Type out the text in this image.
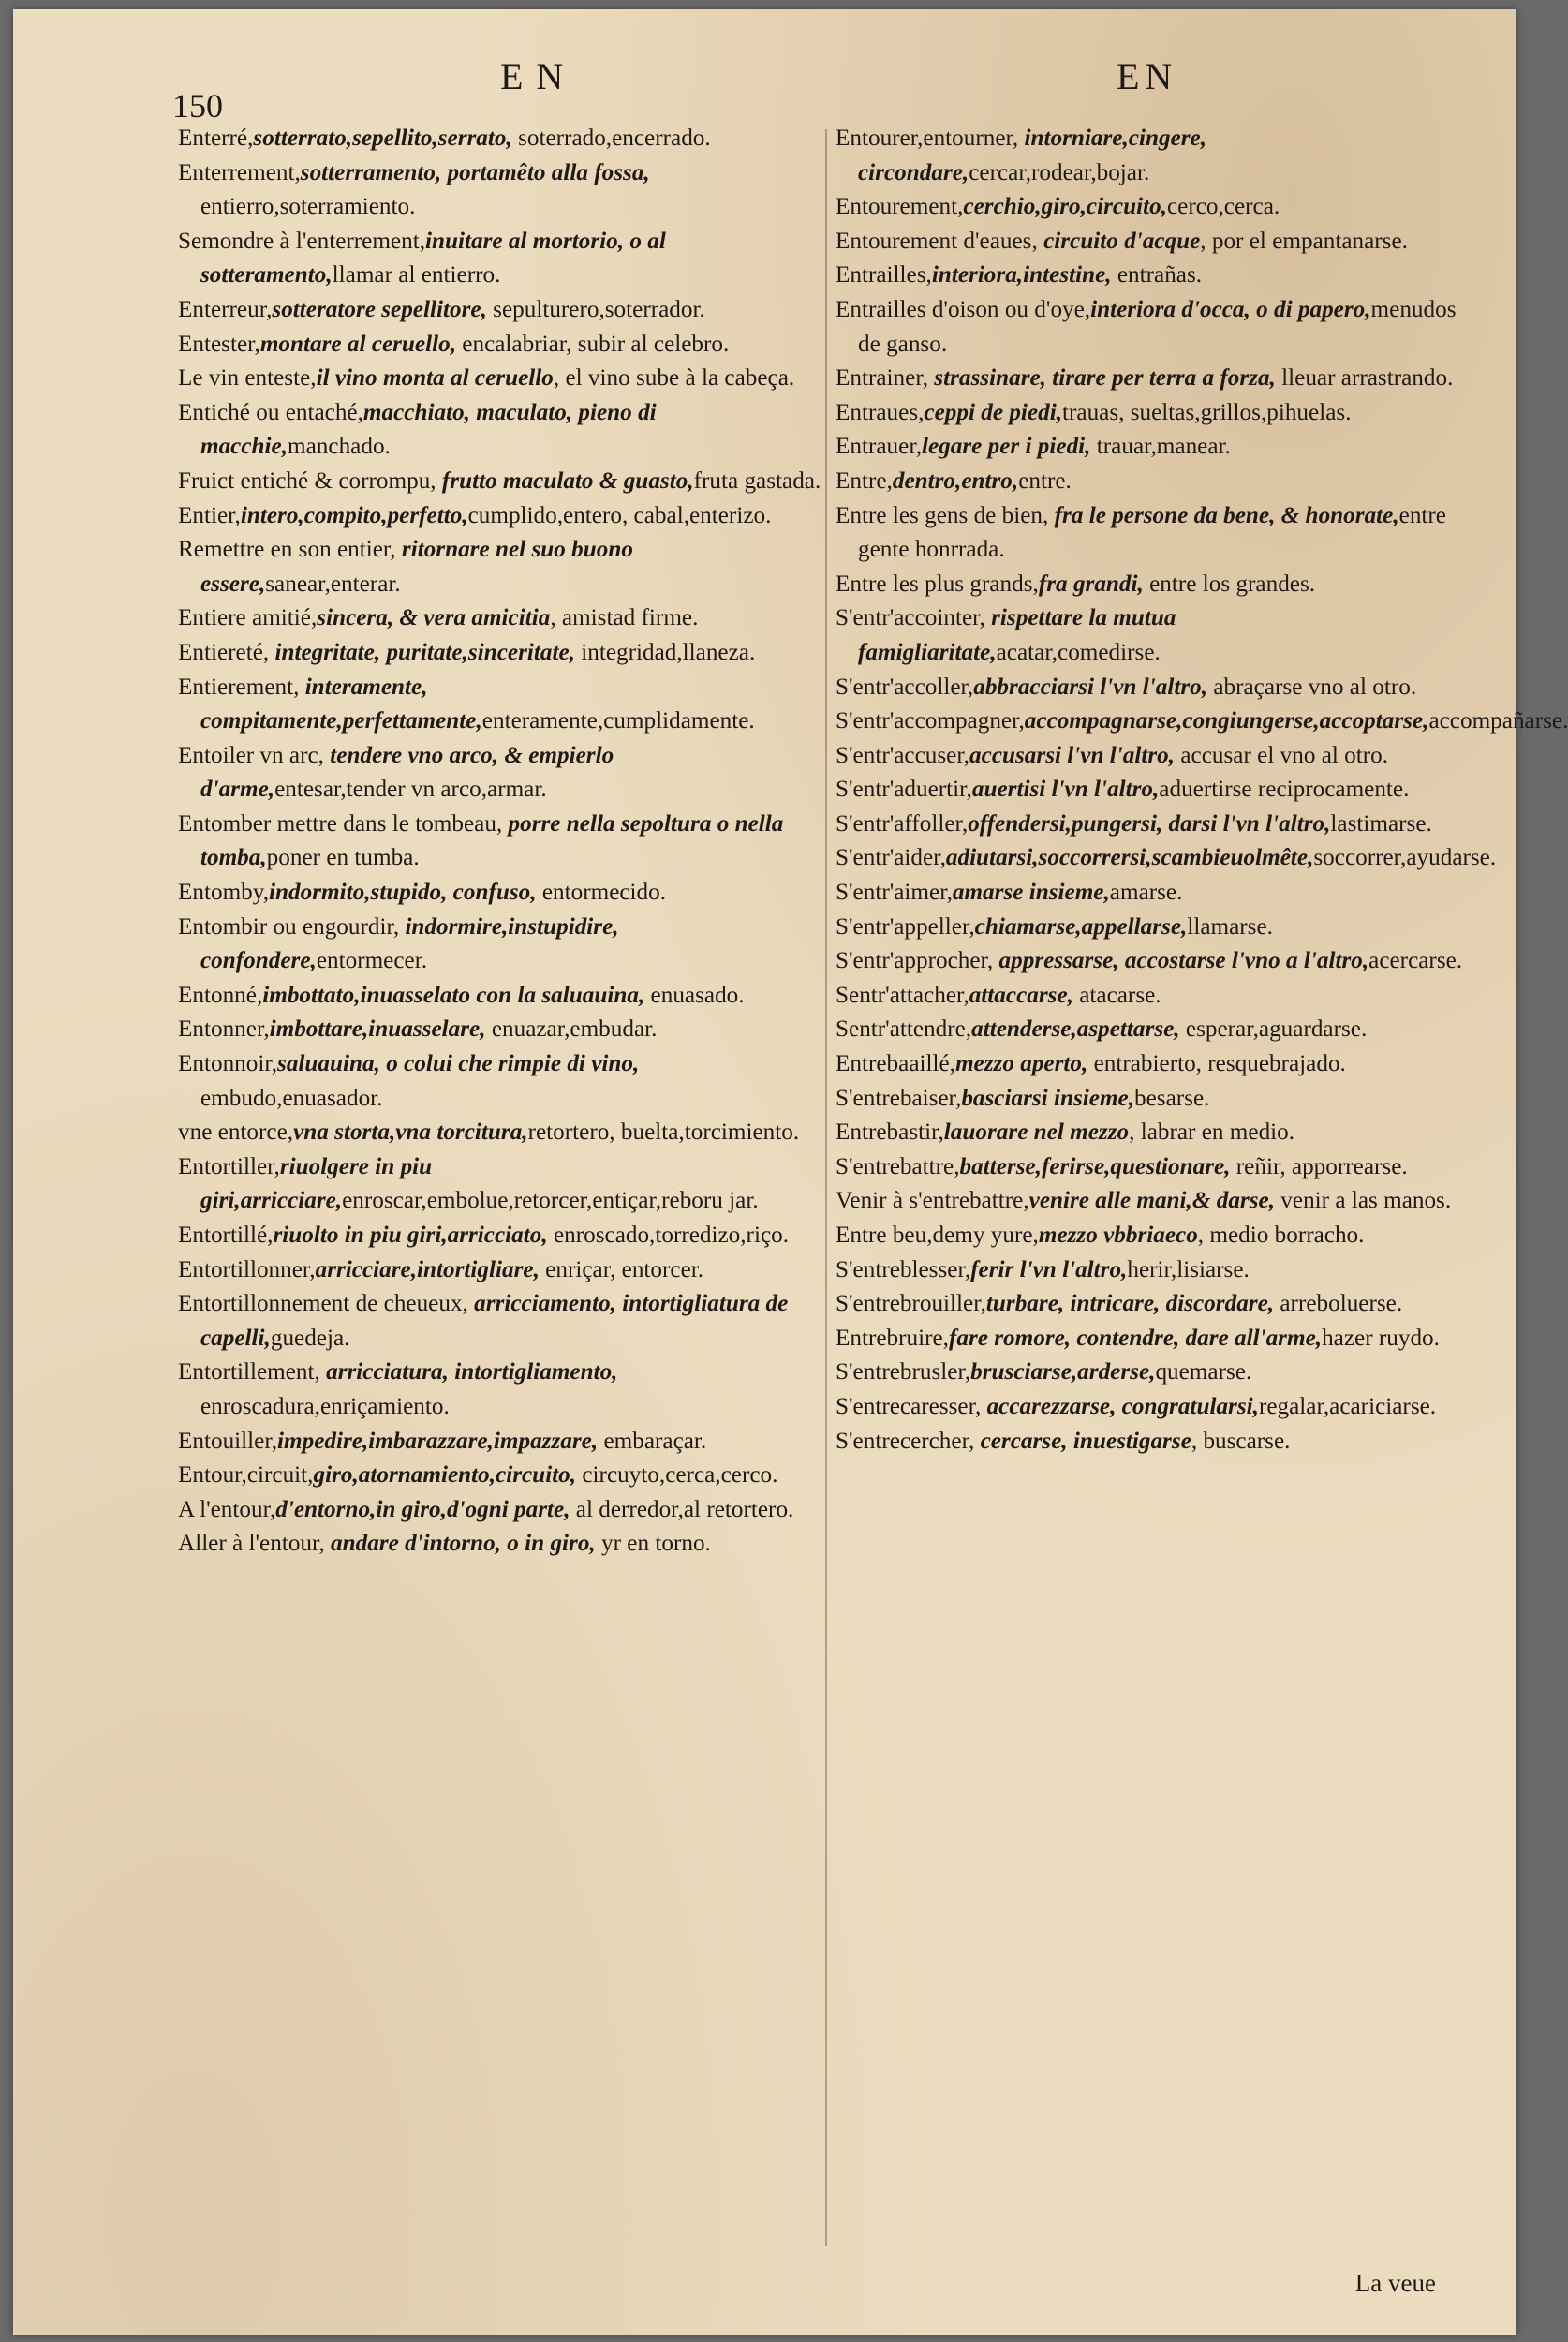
150
EN	EN

Enterré,sotterrato,sepellito,serrato, soterrado,encerrado.

Enterrement,sotterramento, portamêto alla fossa, entierro,soterramiento.

Semondre à l'enterrement,inuitare al mortorio, o al sotteramento,llamar al entierro.

Enterreur,sotteratore sepellitore, sepulturero,soterrador.

Entester,montare al ceruello, encalabriar, subir al celebro.

Le vin enteste,il vino monta al ceruello, el vino sube à la cabeça.

Entiché ou entaché,macchiato, maculato, pieno di macchie,manchado.

Fruict entiché & corrompu, frutto maculato & guasto,fruta gastada.

Entier,intero,compito,perfetto,cumplido,entero, cabal,enterizo.

Remettre en son entier, ritornare nel suo buono essere,sanear,enterar.

Entiere amitié,sincera, & vera amicitia, amistad firme.

Entiereté, integritate, puritate,sinceritate, integridad,llaneza.

Entierement, interamente, compitamente,perfettamente,enteramente,cumplidamente.

Entoiler vn arc, tendere vno arco, & empierlo d'arme,entesar,tender vn arco,armar.

Entomber mettre dans le tombeau, porre nella sepoltura o nella tomba,poner en tumba.

Entomby,indormito,stupido, confuso, entormecido.

Entombir ou engourdir, indormire,instupidire, confondere,entormecer.

Entonné,imbottato,inuasselato con la saluauina, enuasado.

Entonner,imbottare,inuasselare, enuazar,embudar.

Entonnoir,saluauina, o colui che rimpie di vino, embudo,enuasador.

vne entorce,vna storta,vna torcitura,retortero, buelta,torcimiento.

Entortiller,riuolgere in piu giri,arricciare,enroscar,embolue,retorcer,entiçar,reboru jar.

Entortillé,riuolto in piu giri,arricciato, enroscado,torredizo,riço.

Entortillonner,arricciare,intortigliare, enriçar, entorcer.

Entortillonnement de cheueux, arricciamento, intortigliatura de capelli,guedeja.

Entortillement, arricciatura, intortigliamento, enroscadura,enriçamiento.

Entouiller,impedire,imbarazzare,impazzare, embaraçar.

Entour,circuit,giro,atornamiento,circuito, circuyto,cerca,cerco.

A l'entour,d'entorno,in giro,d'ogni parte, al derredor,al retortero.

Aller à l'entour, andare d'intorno, o in giro, yr en torno.

Entourer,entourner, intorniare,cingere, circondare,cercar,rodear,bojar.

Entourement,cerchio,giro,circuito,cerco,cerca.

Entourement d'eaues, circuito d'acque, por el empantanarse.

Entrailles,interiora,intestine, entrañas.

Entrailles d'oison ou d'oye,interiora d'occa, o di papero,menudos de ganso.

Entrainer, strassinare, tirare per terra a forza, lleuar arrastrando.

Entraues,ceppi de piedi,trauas, sueltas,grillos,pihuelas.

Entrauer,legare per i piedi, trauar,manear.

Entre,dentro,entro,entre.

Entre les gens de bien, fra le persone da bene, & honorate,entre gente honrrada.

Entre les plus grands,fra grandi, entre los grandes.

S'entr'accointer, rispettare la mutua famigliaritate,acatar,comedirse.

S'entr'accoller,abbracciarsi l'vn l'altro, abraçarse vno al otro.

S'entr'accompagner,accompagnarse,congiungerse,accoptarse,accompañarse.

S'entr'accuser,accusarsi l'vn l'altro, accusar el vno al otro.

S'entr'aduertir,auertisi l'vn l'altro,aduertirse reciprocamente.

S'entr'affoller,offendersi,pungersi, darsi l'vn l'altro,lastimarse.

S'entr'aider,adiutarsi,soccorrersi,scambieuolmête,soccorrer,ayudarse.

S'entr'aimer,amarse insieme,amarse.

S'entr'appeller,chiamarse,appellarse,llamarse.

S'entr'approcher, appressarse, accostarse l'vno a l'altro,acercarse.

Sentr'attacher,attaccarse, atacarse.

Sentr'attendre,attenderse,aspettarse, esperar,aguardarse.

Entrebaaillé,mezzo aperto, entrabierto, resquebrajado.

S'entrebaiser,basciarsi insieme,besarse.

Entrebastir,lauorare nel mezzo, labrar en medio.

S'entrebattre,batterse,ferirse,questionare, reñir, apporrearse.

Venir à s'entrebattre,venire alle mani,& darse, venir a las manos.

Entre beu,demy yure,mezzo vbbriaeco, medio borracho.

S'entreblesser,ferir l'vn l'altro,herir,lisiarse.

S'entrebrouiller,turbare, intricare, discordare, arreboluerse.

Entrebruire,fare romore, contendre, dare all'arme,hazer ruydo.

S'entrebrusler,brusciarse,arderse,quemarse.

S'entrecaresser, accarezzarse, congratularsi,regalar,acariciarse.

S'entrecercher, cercarse, inuestigarse, buscarse.

La veue
